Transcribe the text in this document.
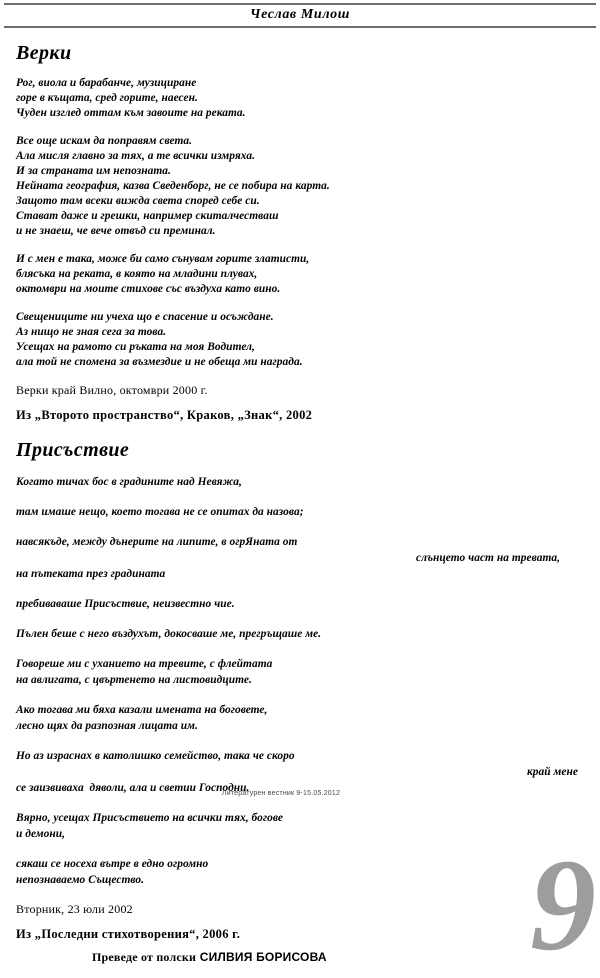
Чеслав Милош
Верки
Рог, виола и барабанче, музициране
горе в къщата, сред горите, наесен.
Чуден изглед оттам към завоите на реката.
Все още искам да поправям света.
Ала мисля главно за тях, а те всички измряха.
И за страната им непозната.
Нейната география, казва Сведенборг, не се побира на карта.
Защото там всеки вижда света според себе си.
Стават даже и грешки, например скиталчестваш
и не знаеш, че вече отвъд си преминал.
И с мен е така, може би само сънувам горите златисти,
блясъка на реката, в която на младини плувах,
октомври на моите стихове със въздуха като вино.
Свещениците ни учеха що е спасение и осъждане.
Аз нищо не зная сега за това.
Усещах на рамото си ръката на моя Водител,
ала той не спомена за възмездие и не обеща ми награда.
Верки край Вилно, октомври 2000 г.
Из „Второто пространство“, Краков, „Знак“, 2002
Присъствие
Когато тичах бос в градините над Невяжа,
там имаше нещо, което тогава не се опитах да назова;
навсякъде, между дънерите на липите, в огрЯната от
слънцето част на тревата,
на пътеката през градината
пребиваваше Присъствие, неизвестно чие.
Пълен беше с него въздухът, докосваше ме, прегръщаше ме.
Говореше ми с уханието на тревите, с флейтата
на авлигата, с цвъртенето на листовидците.
Ако тогава ми бяха казали имената на боговете,
лесно щях да разпозная лицата им.
Но аз израснах в католишко семейство, така че скоро
край мене
се заизвиваха  дяволи, ала и светии Господни.
Вярно, усещах Присъствието на всички тях, богове
и демони,
сякаш се носеха вътре в едно огромно
непознаваемо Същество.
Вторник, 23 юли 2002
Из „Последни стихотворения“, 2006 г.
Преведе от полски СИЛВИЯ БОРИСОВА	9
Литературен вестник 9-15.05.2012
